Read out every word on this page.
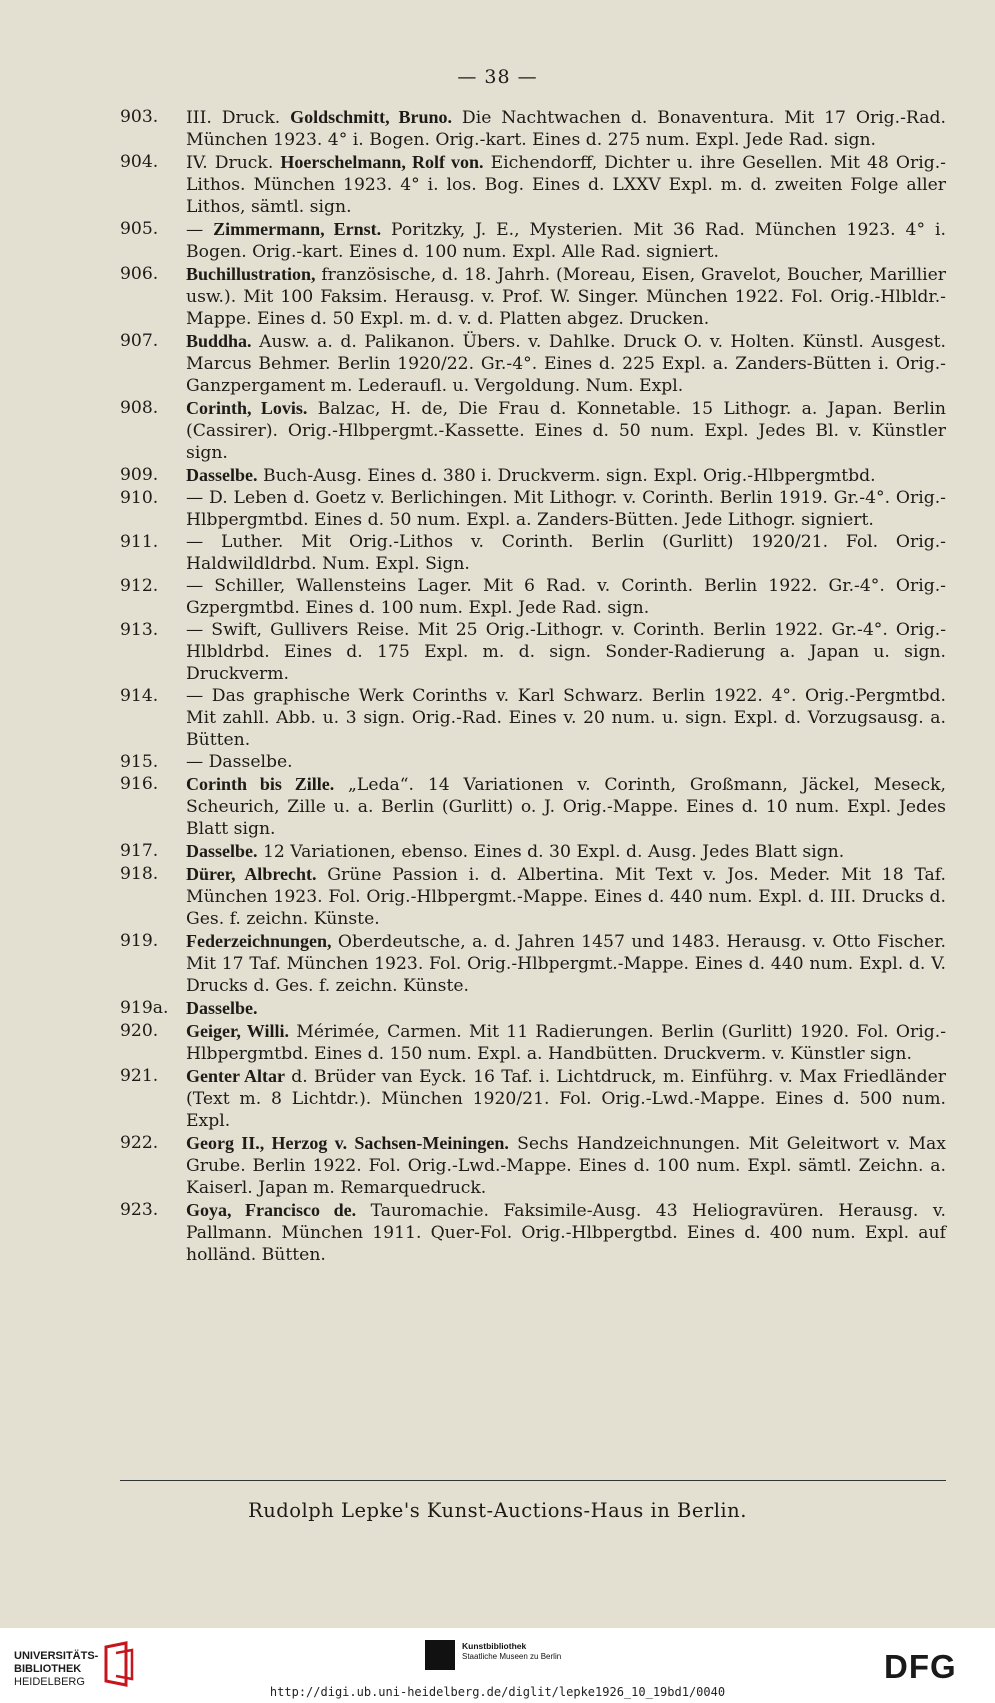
— 38 —
903.	III. Druck. Goldschmitt, Bruno. Die Nachtwachen d. Bonaventura. Mit 17 Orig.-Rad. München 1923. 4° i. Bogen. Orig.-kart. Eines d. 275 num. Expl. Jede Rad. sign.
904.	IV. Druck. Hoerschelmann, Rolf von. Eichendorff, Dichter u. ihre Gesellen. Mit 48 Orig.-Lithos. München 1923. 4° i. los. Bog. Eines d. LXXV Expl. m. d. zweiten Folge aller Lithos, sämtl. sign.
905.	— Zimmermann, Ernst. Poritzky, J. E., Mysterien. Mit 36 Rad. München 1923. 4° i. Bogen. Orig.-kart. Eines d. 100 num. Expl. Alle Rad. signiert.
906.	Buchillustration, französische, d. 18. Jahrh. (Moreau, Eisen, Gravelot, Boucher, Marillier usw.). Mit 100 Faksim. Herausg. v. Prof. W. Singer. München 1922. Fol. Orig.-Hlbldr.-Mappe. Eines d. 50 Expl. m. d. v. d. Platten abgez. Drucken.
907.	Buddha. Ausw. a. d. Palikanon. Übers. v. Dahlke. Druck O. v. Holten. Künstl. Ausgest. Marcus Behmer. Berlin 1920/22. Gr.-4°. Eines d. 225 Expl. a. Zanders-Bütten i. Orig.-Ganzpergament m. Lederaufl. u. Vergoldung. Num. Expl.
908.	Corinth, Lovis. Balzac, H. de, Die Frau d. Konnetable. 15 Lithogr. a. Japan. Berlin (Cassirer). Orig.-Hlbpergmt.-Kassette. Eines d. 50 num. Expl. Jedes Bl. v. Künstler sign.
909.	Dasselbe. Buch-Ausg. Eines d. 380 i. Druckverm. sign. Expl. Orig.-Hlbpergmtbd.
910.	— D. Leben d. Goetz v. Berlichingen. Mit Lithogr. v. Corinth. Berlin 1919. Gr.-4°. Orig.-Hlbpergmtbd. Eines d. 50 num. Expl. a. Zanders-Bütten. Jede Lithogr. signiert.
911.	— Luther. Mit Orig.-Lithos v. Corinth. Berlin (Gurlitt) 1920/21. Fol. Orig.-Haldwildldrbd. Num. Expl. Sign.
912.	— Schiller, Wallensteins Lager. Mit 6 Rad. v. Corinth. Berlin 1922. Gr.-4°. Orig.-Gzpergmtbd. Eines d. 100 num. Expl. Jede Rad. sign.
913.	— Swift, Gullivers Reise. Mit 25 Orig.-Lithogr. v. Corinth. Berlin 1922. Gr.-4°. Orig.-Hlbldrbd. Eines d. 175 Expl. m. d. sign. Sonder-Radierung a. Japan u. sign. Druckverm.
914.	— Das graphische Werk Corinths v. Karl Schwarz. Berlin 1922. 4°. Orig.-Pergmtbd. Mit zahll. Abb. u. 3 sign. Orig.-Rad. Eines v. 20 num. u. sign. Expl. d. Vorzugsausg. a. Bütten.
915.	— Dasselbe.
916.	Corinth bis Zille. „Leda“. 14 Variationen v. Corinth, Großmann, Jäckel, Meseck, Scheurich, Zille u. a. Berlin (Gurlitt) o. J. Orig.-Mappe. Eines d. 10 num. Expl. Jedes Blatt sign.
917.	Dasselbe. 12 Variationen, ebenso. Eines d. 30 Expl. d. Ausg. Jedes Blatt sign.
918.	Dürer, Albrecht. Grüne Passion i. d. Albertina. Mit Text v. Jos. Meder. Mit 18 Taf. München 1923. Fol. Orig.-Hlbpergmt.-Mappe. Eines d. 440 num. Expl. d. III. Drucks d. Ges. f. zeichn. Künste.
919.	Federzeichnungen, Oberdeutsche, a. d. Jahren 1457 und 1483. Herausg. v. Otto Fischer. Mit 17 Taf. München 1923. Fol. Orig.-Hlbpergmt.-Mappe. Eines d. 440 num. Expl. d. V. Drucks d. Ges. f. zeichn. Künste.
919a. Dasselbe.
920.	Geiger, Willi. Mérimée, Carmen. Mit 11 Radierungen. Berlin (Gurlitt) 1920. Fol. Orig.-Hlbpergmtbd. Eines d. 150 num. Expl. a. Handbütten. Druckverm. v. Künstler sign.
921.	Genter Altar d. Brüder van Eyck. 16 Taf. i. Lichtdruck, m. Einführg. v. Max Friedländer (Text m. 8 Lichtdr.). München 1920/21. Fol. Orig.-Lwd.-Mappe. Eines d. 500 num. Expl.
922.	Georg II., Herzog v. Sachsen-Meiningen. Sechs Handzeichnungen. Mit Geleitwort v. Max Grube. Berlin 1922. Fol. Orig.-Lwd.-Mappe. Eines d. 100 num. Expl. sämtl. Zeichn. a. Kaiserl. Japan m. Remarquedruck.
923.	Goya, Francisco de. Tauromachie. Faksimile-Ausg. 43 Heliogravüren. Herausg. v. Pallmann. München 1911. Quer-Fol. Orig.-Hlbpergtbd. Eines d. 400 num. Expl. auf holländ. Bütten.
Rudolph Lepke's Kunst-Auctions-Haus in Berlin.
UNIVERSITÄTS-
BIBLIOTHEK
HEIDELBERG
Kunstbibliothek
Staatliche Museen zu Berlin	DFG
http://digi.ub.uni-heidelberg.de/diglit/lepke1926_10_19bd1/0040
